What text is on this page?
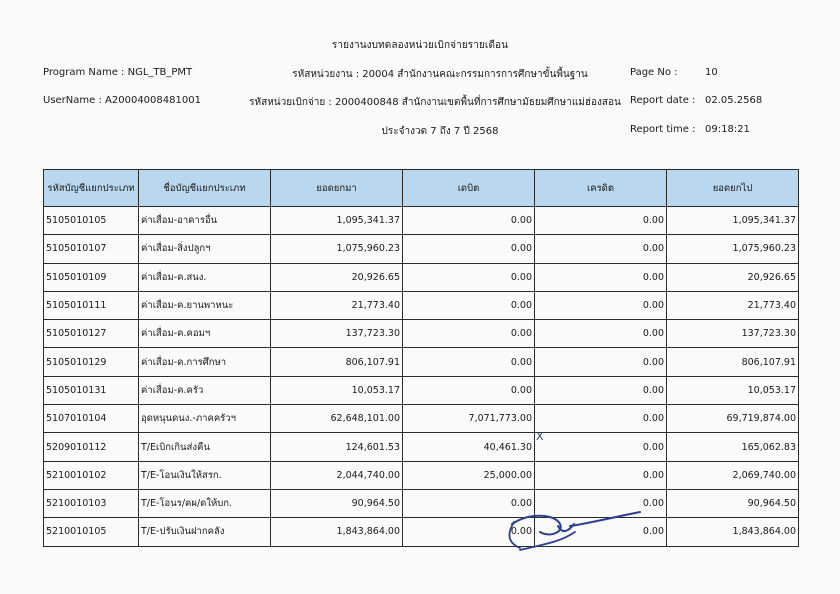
รายงานงบทดลองหน่วยเบิกจ่ายรายเดือน
Program Name : NGL_TB_PMT
UserName : A20004008481001
รหัสหน่วยงาน : 20004 สำนักงานคณะกรรมการการศึกษาขั้นพื้นฐาน
รหัสหน่วยเบิกจ่าย : 2000400848 สำนักงานเขตพื้นที่การศึกษามัธยมศึกษาแม่ฮ่องสอน
ประจำงวด 7 ถึง 7 ปี 2568
Page No :	10
Report date : 02.05.2568
Report time : 09:18:21
รหัสบัญชีแยกประเภท	ชื่อบัญชีแยกประเภท	ยอดยกมา	เดบิต	เครดิต	ยอดยกไป
5105010105	ค่าเสื่อม-อาคารอื่น	1,095,341.37	0.00	0.00	1,095,341.37
5105010107	ค่าเสื่อม-สิ่งปลูกฯ	1,075,960.23	0.00	0.00	1,075,960.23
5105010109	ค่าเสื่อม-ค.สนง.	20,926.65	0.00	0.00	20,926.65
5105010111	ค่าเสื่อม-ค.ยานพาหนะ	21,773.40	0.00	0.00	21,773.40
5105010127	ค่าเสื่อม-ค.คอมฯ	137,723.30	0.00	0.00	137,723.30
5105010129	ค่าเสื่อม-ค.การศึกษา	806,107.91	0.00	0.00	806,107.91
5105010131	ค่าเสื่อม-ค.ครัว	10,053.17	0.00	0.00	10,053.17
5107010104	อุดหนุนดนง.-ภาคครัวฯ	62,648,101.00	7,071,773.00	0.00	69,719,874.00
5209010112	T/Eเบิกเกินส่งคืน	124,601.53	40,461.30	0.00	165,062.83
5210010102	T/E-โอนเงินให้สรก.	2,044,740.00	25,000.00	0.00	2,069,740.00
5210010103	T/E-โอนร/คผ/ดให้บก.	90,964.50	0.00	0.00	90,964.50
5210010105	T/E-ปรับเงินฝากคลัง	1,843,864.00	0.00	0.00	1,843,864.00
X
